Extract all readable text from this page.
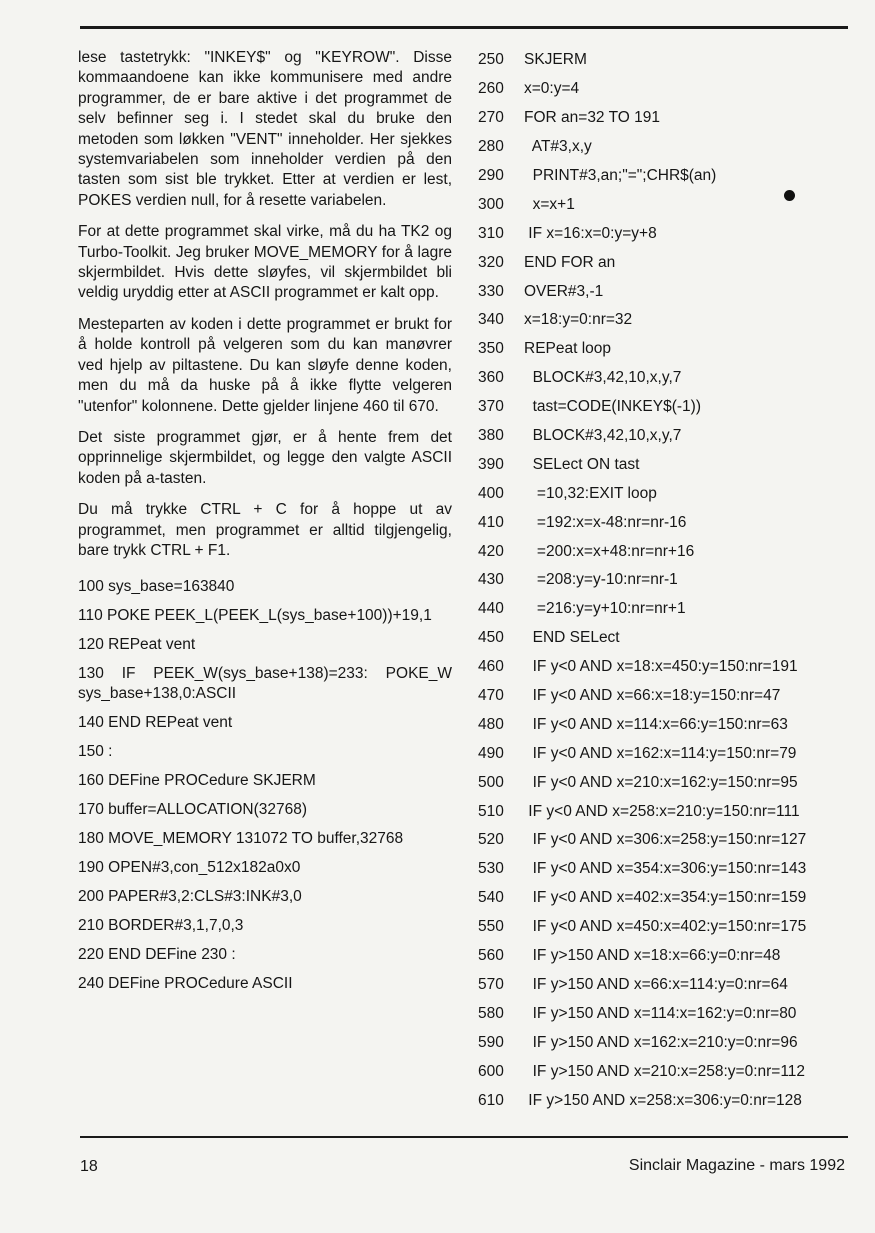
lese tastetrykk: "INKEY$" og "KEYROW". Disse kommaandoene kan ikke kommunisere med andre programmer, de er bare aktive i det programmet de selv befinner seg i. I stedet skal du bruke den metoden som løkken "VENT" inneholder. Her sjekkes systemvariabelen som inneholder verdien på den tasten som sist ble trykket. Etter at verdien er lest, POKES verdien null, for å resette variabelen.

For at dette programmet skal virke, må du ha TK2 og Turbo-Toolkit. Jeg bruker MOVE_MEMORY for å lagre skjermbildet. Hvis dette sløyfes, vil skjermbildet bli veldig uryddig etter at ASCII programmet er kalt opp.

Mesteparten av koden i dette programmet er brukt for å holde kontroll på velgeren som du kan manøvrer ved hjelp av piltastene. Du kan sløyfe denne koden, men du må da huske på å ikke flytte velgeren "utenfor" kolonnene. Dette gjelder linjene 460 til 670.

Det siste programmet gjør, er å hente frem det opprinnelige skjermbildet, og legge den valgte ASCII koden på a-tasten.

Du må trykke CTRL + C for å hoppe ut av programmet, men programmet er alltid tilgjengelig, bare trykk CTRL + F1.

100 sys_base=163840
110 POKE PEEK_L(PEEK_L(sys_base+100))+19,1
120 REPeat vent
130 IF PEEK_W(sys_base+138)=233: POKE_W sys_base+138,0:ASCII
140 END REPeat vent
150 :
160 DEFine PROCedure SKJERM
170 buffer=ALLOCATION(32768)
180 MOVE_MEMORY 131072 TO buffer,32768
190 OPEN#3,con_512x182a0x0
200 PAPER#3,2:CLS#3:INK#3,0
210 BORDER#3,1,7,0,3
220 END DEFine 230 :
240 DEFine PROCedure ASCII
250	SKJERM
260	x=0:y=4
270	FOR an=32 TO 191
280	AT#3,x,y
290	PRINT#3,an;"=";CHR$(an)
300	x=x+1
310	IF x=16:x=0:y=y+8
320	END FOR an
330	OVER#3,-1
340	x=18:y=0:nr=32
350	REPeat loop
360	BLOCK#3,42,10,x,y,7
370	tast=CODE(INKEY$(-1))
380	BLOCK#3,42,10,x,y,7
390	SELect ON tast
400	=10,32:EXIT loop
410	=192:x=x-48:nr=nr-16
420	=200:x=x+48:nr=nr+16
430	=208:y=y-10:nr=nr-1
440	=216:y=y+10:nr=nr+1
450	END SELect
460	IF y<0 AND x=18:x=450:y=150:nr=191
470	IF y<0 AND x=66:x=18:y=150:nr=47
480	IF y<0 AND x=114:x=66:y=150:nr=63
490	IF y<0 AND x=162:x=114:y=150:nr=79
500	IF y<0 AND x=210:x=162:y=150:nr=95
510	IF y<0 AND x=258:x=210:y=150:nr=111
520	IF y<0 AND x=306:x=258:y=150:nr=127
530	IF y<0 AND x=354:x=306:y=150:nr=143
540	IF y<0 AND x=402:x=354:y=150:nr=159
550	IF y<0 AND x=450:x=402:y=150:nr=175
560	IF y>150 AND x=18:x=66:y=0:nr=48
570	IF y>150 AND x=66:x=114:y=0:nr=64
580	IF y>150 AND x=114:x=162:y=0:nr=80
590	IF y>150 AND x=162:x=210:y=0:nr=96
600	IF y>150 AND x=210:x=258:y=0:nr=112
610	IF y>150 AND x=258:x=306:y=0:nr=128
18	Sinclair Magazine - mars 1992
